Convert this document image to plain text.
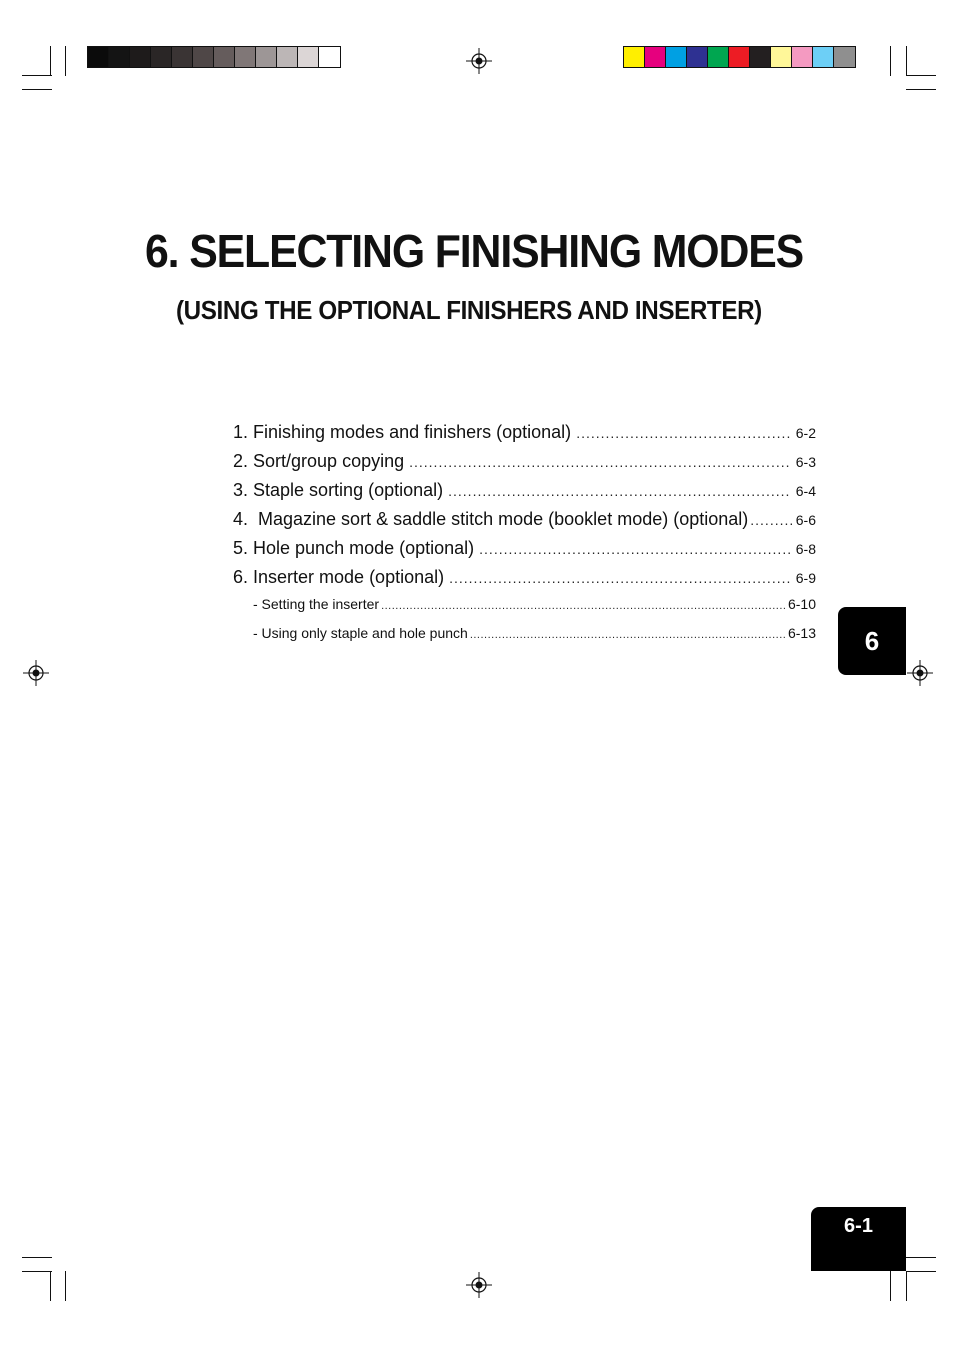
6. SELECTING FINISHING MODES
(USING THE OPTIONAL FINISHERS AND INSERTER)
1. Finishing modes and finishers (optional) .....	6-2
2. Sort/group copying .....	6-3
3. Staple sorting (optional) .....	6-4
4.  Magazine sort & saddle stitch mode (booklet mode) (optional) .....	6-6
5. Hole punch mode (optional) .....	6-8
6. Inserter mode (optional) .....	6-9
- Setting the inserter .....	6-10
- Using only staple and hole punch .....	6-13 6
6-1
